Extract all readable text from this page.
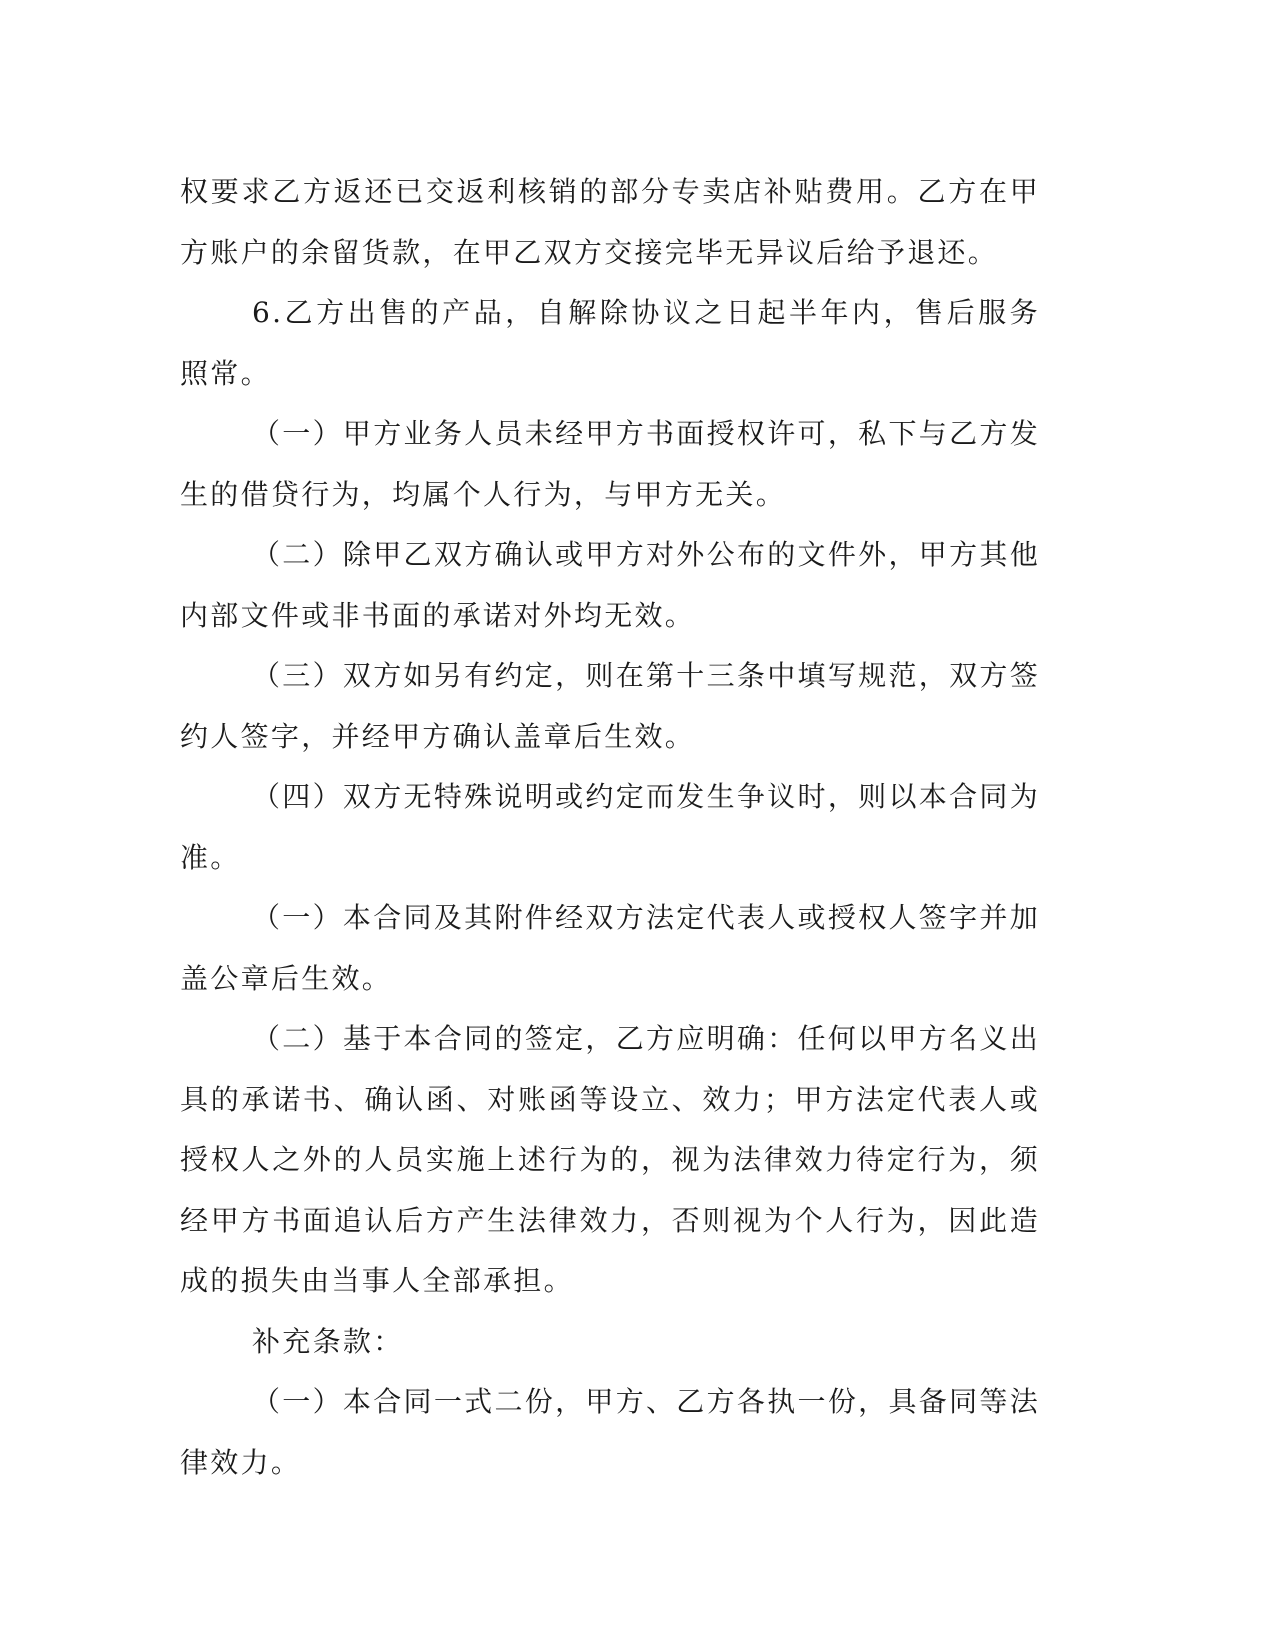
权要求乙方返还已交返利核销的部分专卖店补贴费用。乙方在甲方账户的余留货款，在甲乙双方交接完毕无异议后给予退还。

6.乙方出售的产品，自解除协议之日起半年内，售后服务照常。

（一）甲方业务人员未经甲方书面授权许可，私下与乙方发生的借贷行为，均属个人行为，与甲方无关。

（二）除甲乙双方确认或甲方对外公布的文件外，甲方其他内部文件或非书面的承诺对外均无效。

（三）双方如另有约定，则在第十三条中填写规范，双方签约人签字，并经甲方确认盖章后生效。

（四）双方无特殊说明或约定而发生争议时，则以本合同为准。

（一）本合同及其附件经双方法定代表人或授权人签字并加盖公章后生效。

（二）基于本合同的签定，乙方应明确：任何以甲方名义出具的承诺书、确认函、对账函等设立、效力；甲方法定代表人或授权人之外的人员实施上述行为的，视为法律效力待定行为，须经甲方书面追认后方产生法律效力，否则视为个人行为，因此造成的损失由当事人全部承担。

补充条款：

（一）本合同一式二份，甲方、乙方各执一份，具备同等法律效力。
